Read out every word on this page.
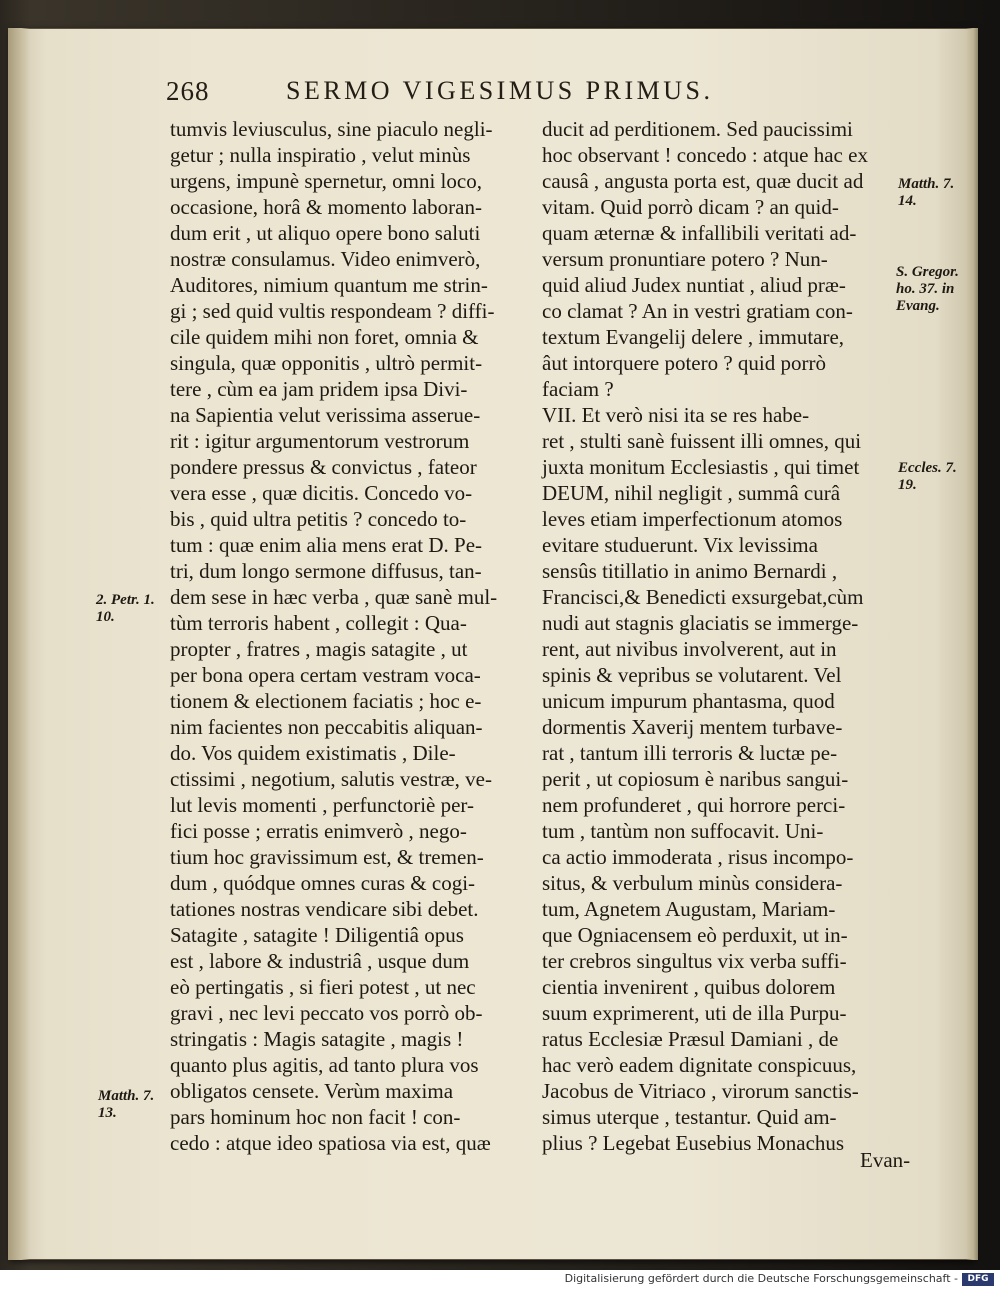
268	SERMO VIGESIMUS PRIMUS.

tumvis leviusculus, sine piaculo negli-

getur ; nulla inspiratio , velut minùs

urgens, impunè spernetur, omni loco,

occasione, horâ & momento laboran-

dum erit , ut aliquo opere bono saluti

nostræ consulamus. Video enimverò,

Auditores, nimium quantum me strin-

gi ; sed quid vultis respondeam ? diffi-

cile quidem mihi non foret, omnia &

singula, quæ opponitis , ultrò permit-

tere , cùm ea jam pridem ipsa Divi-

na Sapientia velut verissima asserue-

rit : igitur argumentorum vestrorum

pondere pressus & convictus , fateor

vera esse , quæ dicitis. Concedo vo-

bis , quid ultra petitis ? concedo to-

tum : quæ enim alia mens erat D. Pe-

tri, dum longo sermone diffusus, tan-

dem sese in hæc verba , quæ sanè mul-

tùm terroris habent , collegit : Qua-

propter , fratres , magis satagite , ut

per bona opera certam vestram voca-

tionem & electionem faciatis ; hoc e-

nim facientes non peccabitis aliquan-

do. Vos quidem existimatis , Dile-

ctissimi , negotium, salutis vestræ, ve-

lut levis momenti , perfunctoriè per-

fici posse ; erratis enimverò , nego-

tium hoc gravissimum est, & tremen-

dum , quódque omnes curas & cogi-

tationes nostras vendicare sibi debet.

Satagite , satagite ! Diligentiâ opus

est , labore & industriâ , usque dum

eò pertingatis , si fieri potest , ut nec

gravi , nec levi peccato vos porrò ob-

stringatis : Magis satagite , magis !

quanto plus agitis, ad tanto plura vos

obligatos censete. Verùm maxima

pars hominum hoc non facit ! con-

cedo : atque ideo spatiosa via est, quæ

ducit ad perditionem. Sed paucissimi

hoc observant ! concedo : atque hac ex

causâ , angusta porta est, quæ ducit ad

vitam. Quid porrò dicam ? an quid-

quam æternæ & infallibili veritati ad-

versum pronuntiare potero ? Nun-

quid aliud Judex nuntiat , aliud præ-

co clamat ? An in vestri gratiam con-

textum Evangelij delere , immutare,

âut intorquere potero ? quid porrò

faciam ?

VII. Et verò nisi ita se res habe-

ret , stulti sanè fuissent illi omnes, qui

juxta monitum Ecclesiastis , qui timet

DEUM, nihil negligit , summâ curâ

leves etiam imperfectionum atomos

evitare studuerunt. Vix levissima

sensûs titillatio in animo Bernardi ,

Francisci,& Benedicti exsurgebat,cùm

nudi aut stagnis glaciatis se immerge-

rent, aut nivibus involverent, aut in

spinis & vepribus se volutarent. Vel

unicum impurum phantasma, quod

dormentis Xaverij mentem turbave-

rat , tantum illi terroris & luctæ pe-

perit , ut copiosum è naribus sangui-

nem profunderet , qui horrore perci-

tum , tantùm non suffocavit. Uni-

ca actio immoderata , risus incompo-

situs, & verbulum minùs considera-

tum, Agnetem Augustam, Mariam-

que Ogniacensem eò perduxit, ut in-

ter crebros singultus vix verba suffi-

cientia invenirent , quibus dolorem

suum exprimerent, uti de illa Purpu-

ratus Ecclesiæ Præsul Damiani , de

hac verò eadem dignitate conspicuus,

Jacobus de Vitriaco , virorum sanctis-

simus uterque , testantur. Quid am-

plius ? Legebat Eusebius Monachus

Matth. 7.
14.
S. Gregor.
ho. 37. in
Evang.
Eccles. 7.
19.
2. Petr. 1.
10.
Matth. 7.
13.
Evan-
Digitalisierung gefördert durch die Deutsche Forschungsgemeinschaft -	DFG
